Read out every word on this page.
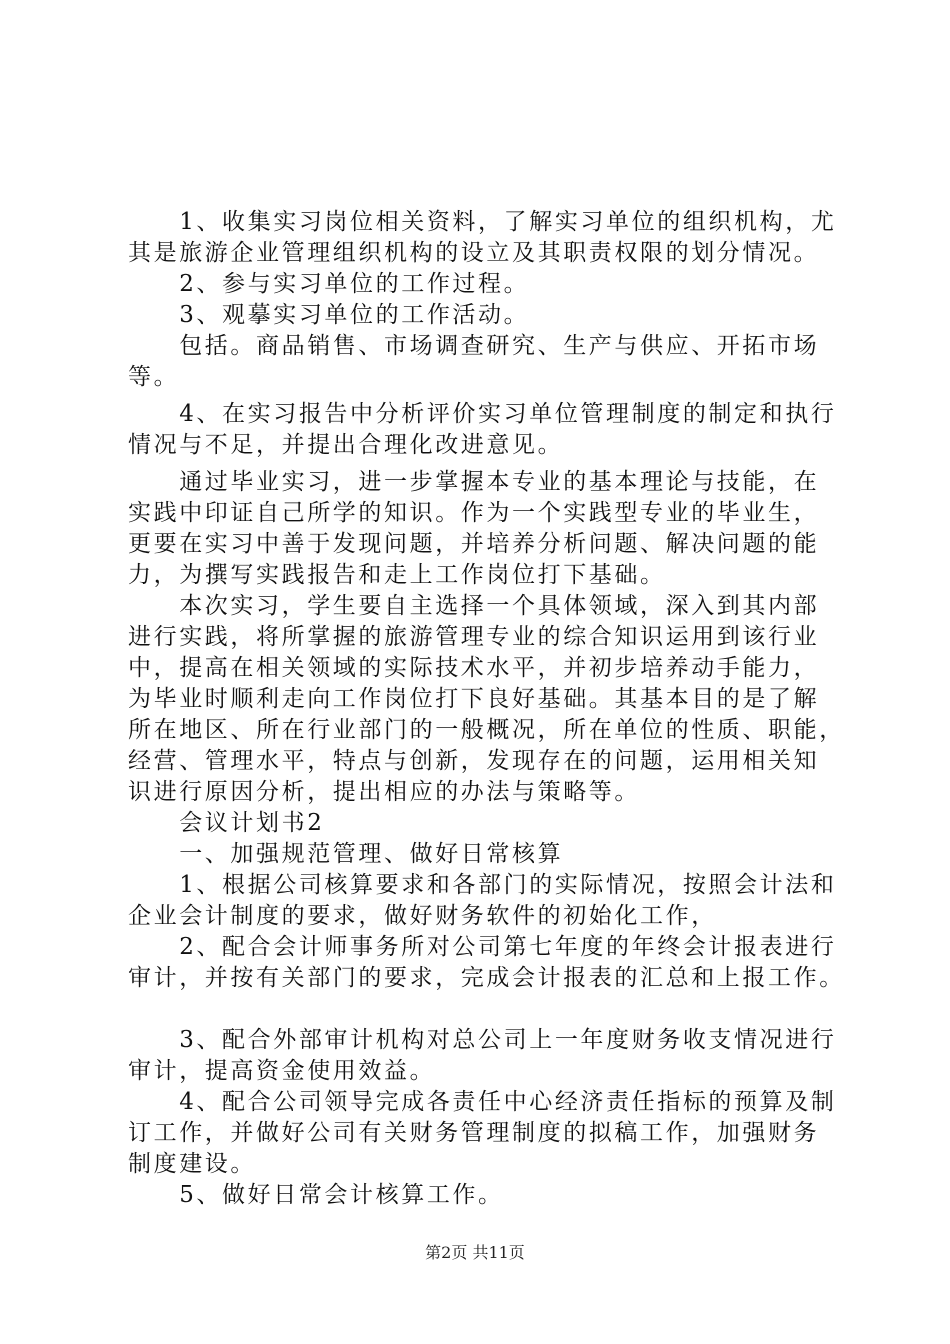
　　1、收集实习岗位相关资料，了解实习单位的组织机构，尤
其是旅游企业管理组织机构的设立及其职责权限的划分情况。
　　2、参与实习单位的工作过程。
　　3、观摹实习单位的工作活动。
　　包括。商品销售、市场调查研究、生产与供应、开拓市场
等。
　　4、在实习报告中分析评价实习单位管理制度的制定和执行
情况与不足，并提出合理化改进意见。
　　通过毕业实习，进一步掌握本专业的基本理论与技能，在
实践中印证自己所学的知识。作为一个实践型专业的毕业生，
更要在实习中善于发现问题，并培养分析问题、解决问题的能
力，为撰写实践报告和走上工作岗位打下基础。
　　本次实习，学生要自主选择一个具体领域，深入到其内部
进行实践，将所掌握的旅游管理专业的综合知识运用到该行业
中，提高在相关领域的实际技术水平，并初步培养动手能力，
为毕业时顺利走向工作岗位打下良好基础。其基本目的是了解
所在地区、所在行业部门的一般概况，所在单位的性质、职能，
经营、管理水平，特点与创新，发现存在的问题，运用相关知
识进行原因分析，提出相应的办法与策略等。
　　会议计划书2
　　一、加强规范管理、做好日常核算
　　1、根据公司核算要求和各部门的实际情况，按照会计法和
企业会计制度的要求，做好财务软件的初始化工作，
　　2、配合会计师事务所对公司第七年度的年终会计报表进行
审计，并按有关部门的要求，完成会计报表的汇总和上报工作。
　　3、配合外部审计机构对总公司上一年度财务收支情况进行
审计，提高资金使用效益。
　　4、配合公司领导完成各责任中心经济责任指标的预算及制
订工作，并做好公司有关财务管理制度的拟稿工作，加强财务
制度建设。
　　5、做好日常会计核算工作。
第2页 共11页
